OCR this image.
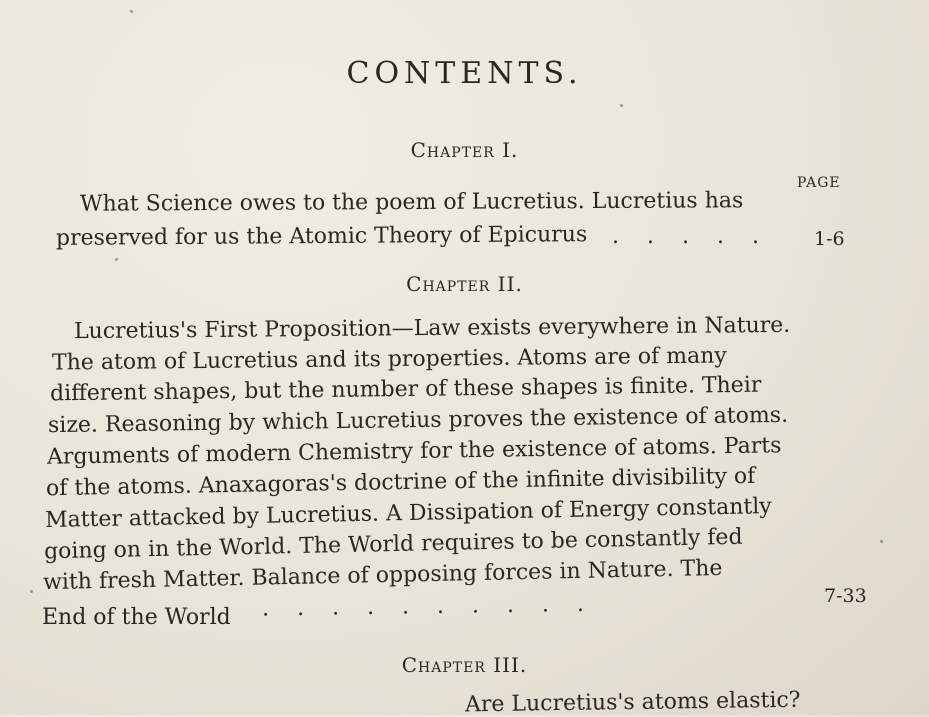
CONTENTS.
Chapter I.
PAGE
What Science owes to the poem of Lucretius. Lucretius has
preserved for us the Atomic Theory of Epicurus ..... 1-6
Chapter II.
Lucretius's First Proposition—Law exists everywhere in Nature.
The atom of Lucretius and its properties. Atoms are of many
different shapes, but the number of these shapes is finite. Their
size. Reasoning by which Lucretius proves the existence of atoms.
Arguments of modern Chemistry for the existence of atoms. Parts
of the atoms. Anaxagoras's doctrine of the infinite divisibility of
Matter attacked by Lucretius. A Dissipation of Energy constantly
going on in the World. The World requires to be constantly fed
with fresh Matter. Balance of opposing forces in Nature. The
End of the World ..........	7-33
Chapter III.
Are Lucretius's atoms elastic?
